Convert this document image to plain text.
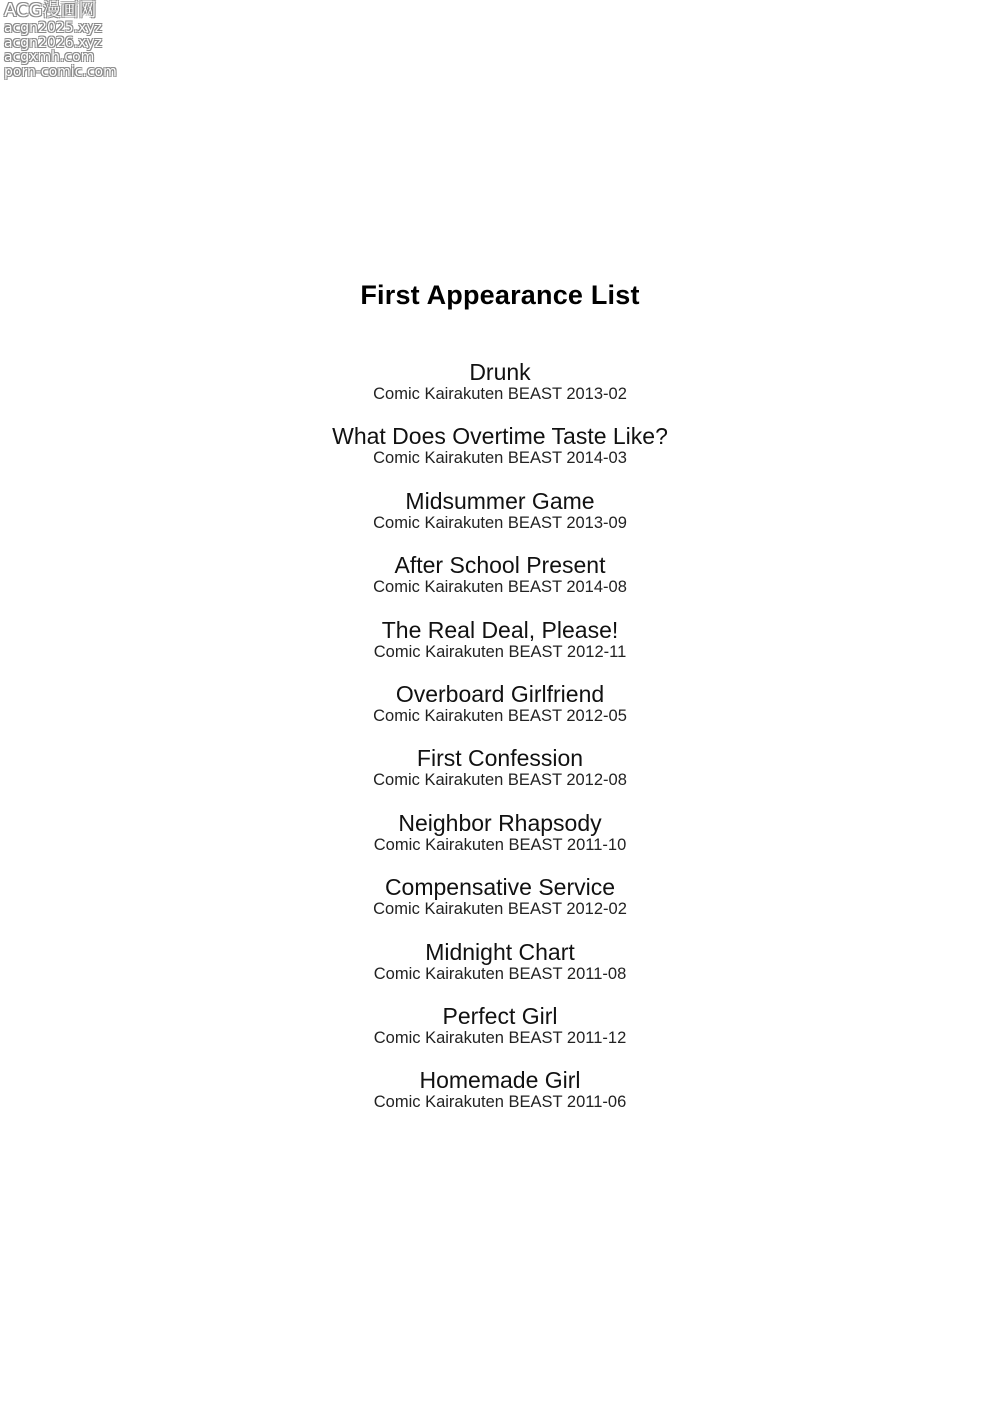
ACG漫画网
acgn2025.xyz
acgn2026.xyz
acgxmh.com
porn-comic.com
First Appearance List
Drunk
Comic Kairakuten BEAST 2013-02
What Does Overtime Taste Like?
Comic Kairakuten BEAST 2014-03
Midsummer Game
Comic Kairakuten BEAST 2013-09
After School Present
Comic Kairakuten BEAST 2014-08
The Real Deal, Please!
Comic Kairakuten BEAST 2012-11
Overboard Girlfriend
Comic Kairakuten BEAST 2012-05
First Confession
Comic Kairakuten BEAST 2012-08
Neighbor Rhapsody
Comic Kairakuten BEAST 2011-10
Compensative Service
Comic Kairakuten BEAST 2012-02
Midnight Chart
Comic Kairakuten BEAST 2011-08
Perfect Girl
Comic Kairakuten BEAST 2011-12
Homemade Girl
Comic Kairakuten BEAST 2011-06
